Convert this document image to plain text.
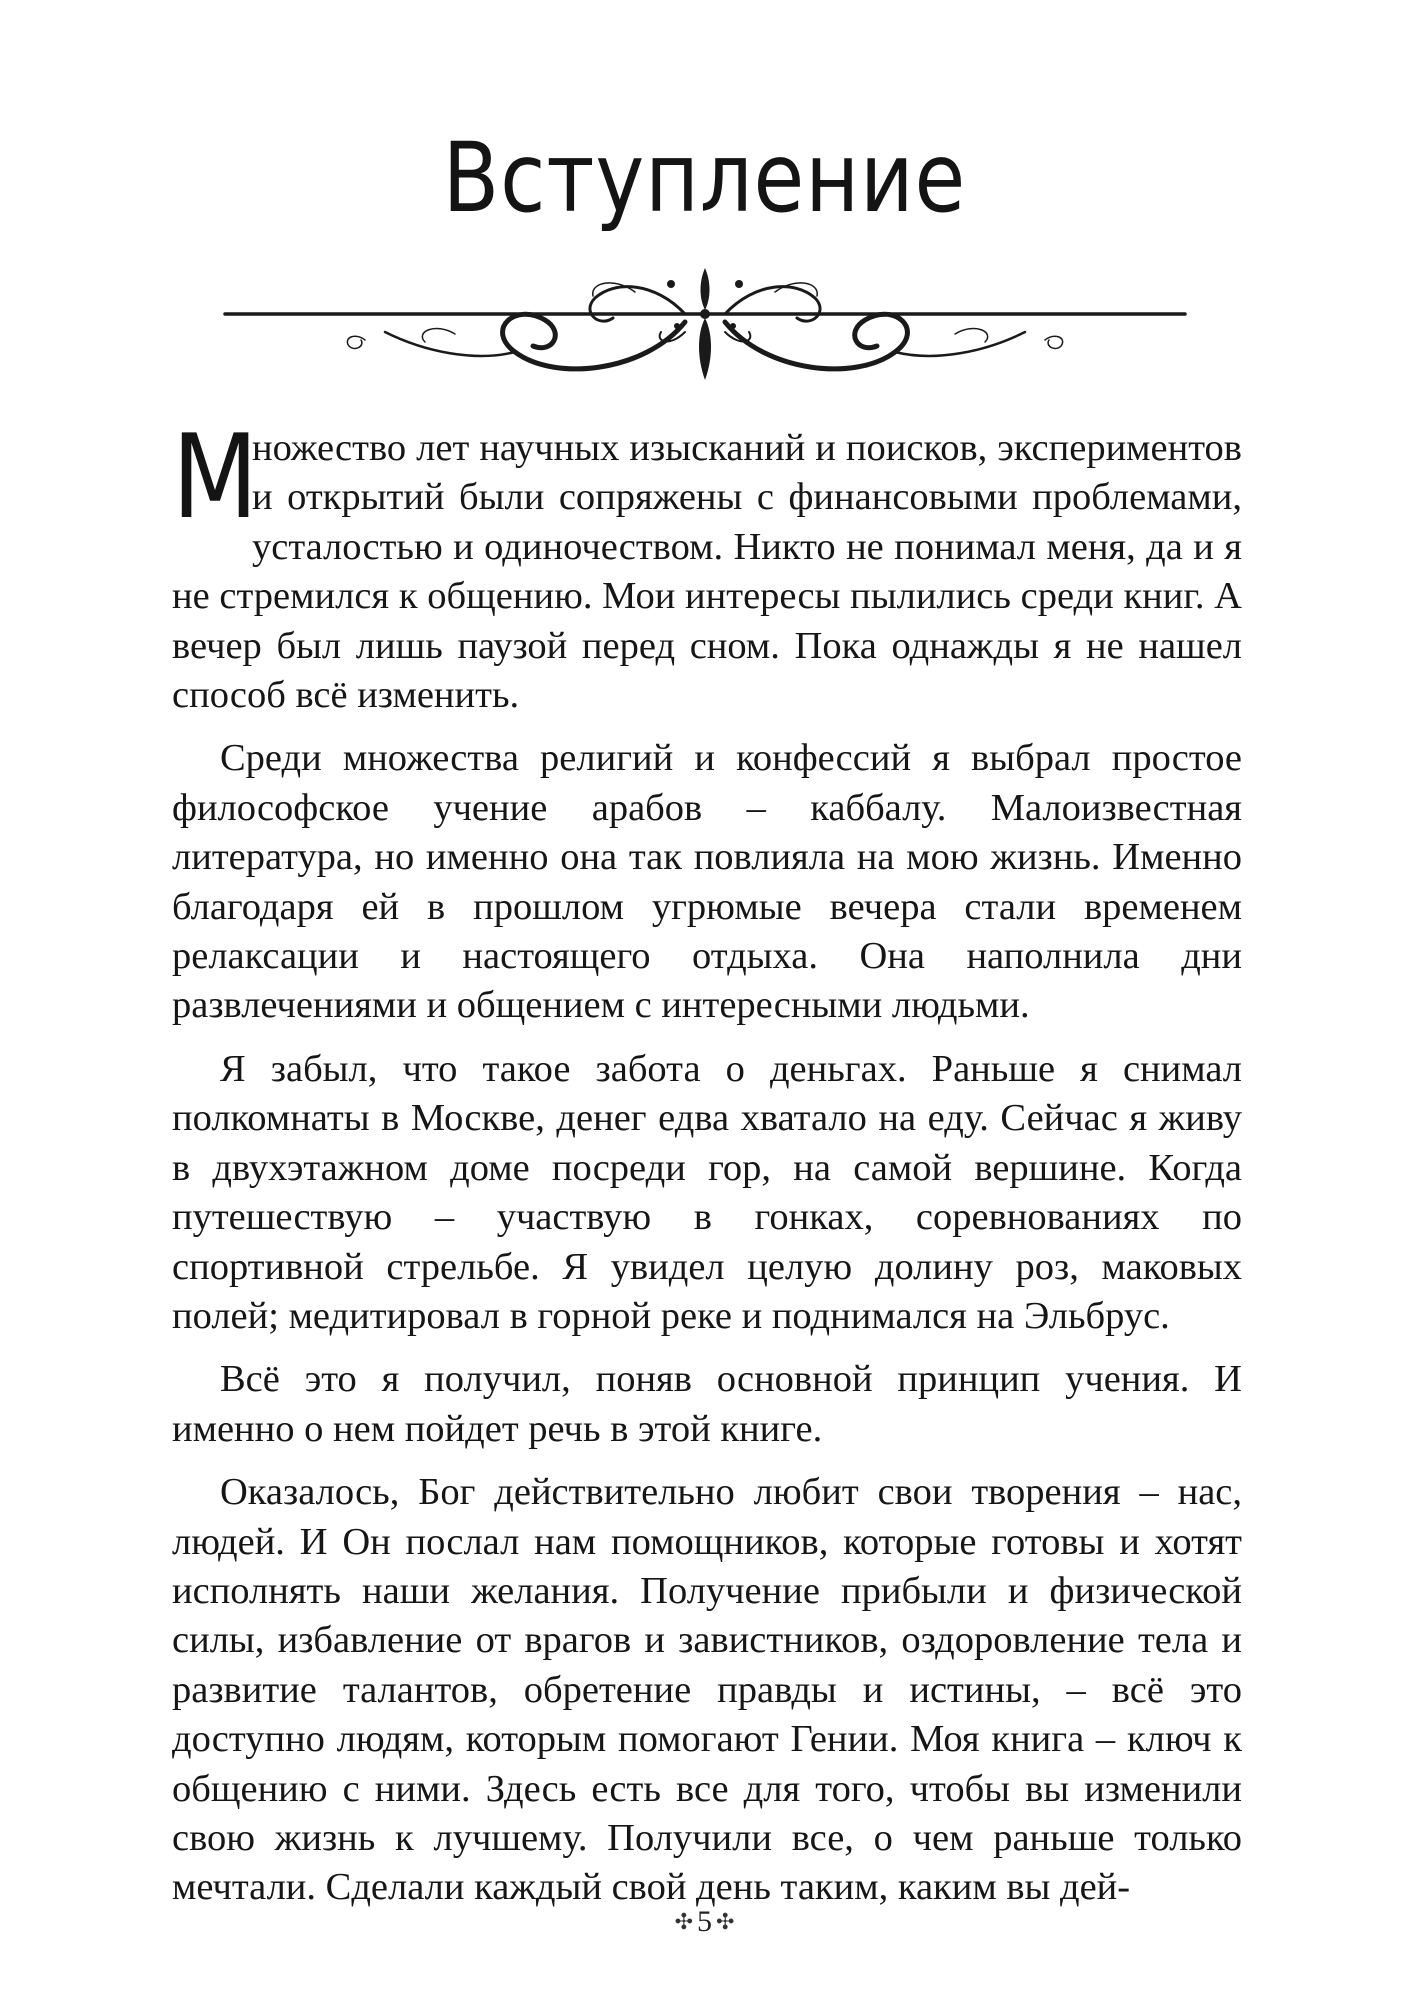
Вступление

М
ножество лет научных изысканий и поисков, экспериментов и открытий были сопряжены с финансовыми проблемами, усталостью и одиночеством. Никто не понимал меня, да и я не стремился к общению. Мои интересы пылились среди книг. А вечер был лишь паузой перед сном. Пока однажды я не нашел способ всё изменить.

Среди множества религий и конфессий я выбрал простое философское учение арабов – каббалу. Малоизвестная литература, но именно она так повлияла на мою жизнь. Именно благодаря ей в прошлом угрюмые вечера стали временем релаксации и настоящего отдыха. Она наполнила дни развлечениями и общением с интересными людьми.

Я забыл, что такое забота о деньгах. Раньше я снимал полкомнаты в Москве, денег едва хватало на еду. Сейчас я живу в двухэтажном доме посреди гор, на самой вершине. Когда путешествую – участвую в гонках, соревнованиях по спортивной стрельбе. Я увидел целую долину роз, маковых полей; медитировал в горной реке и поднимался на Эльбрус.

Всё это я получил, поняв основной принцип учения. И именно о нем пойдет речь в этой книге.

Оказалось, Бог действительно любит свои творения – нас, людей. И Он послал нам помощников, которые готовы и хотят исполнять наши желания. Получение прибыли и физической силы, избавление от врагов и завистников, оздоровление тела и развитие талантов, обретение правды и истины, – всё это доступно людям, которым помогают Гении. Моя книга – ключ к общению с ними. Здесь есть все для того, чтобы вы изменили свою жизнь к лучшему. Получили все, о чем раньше только мечтали. Сделали каждый свой день таким, каким вы дей-

✣ 5 ✣
